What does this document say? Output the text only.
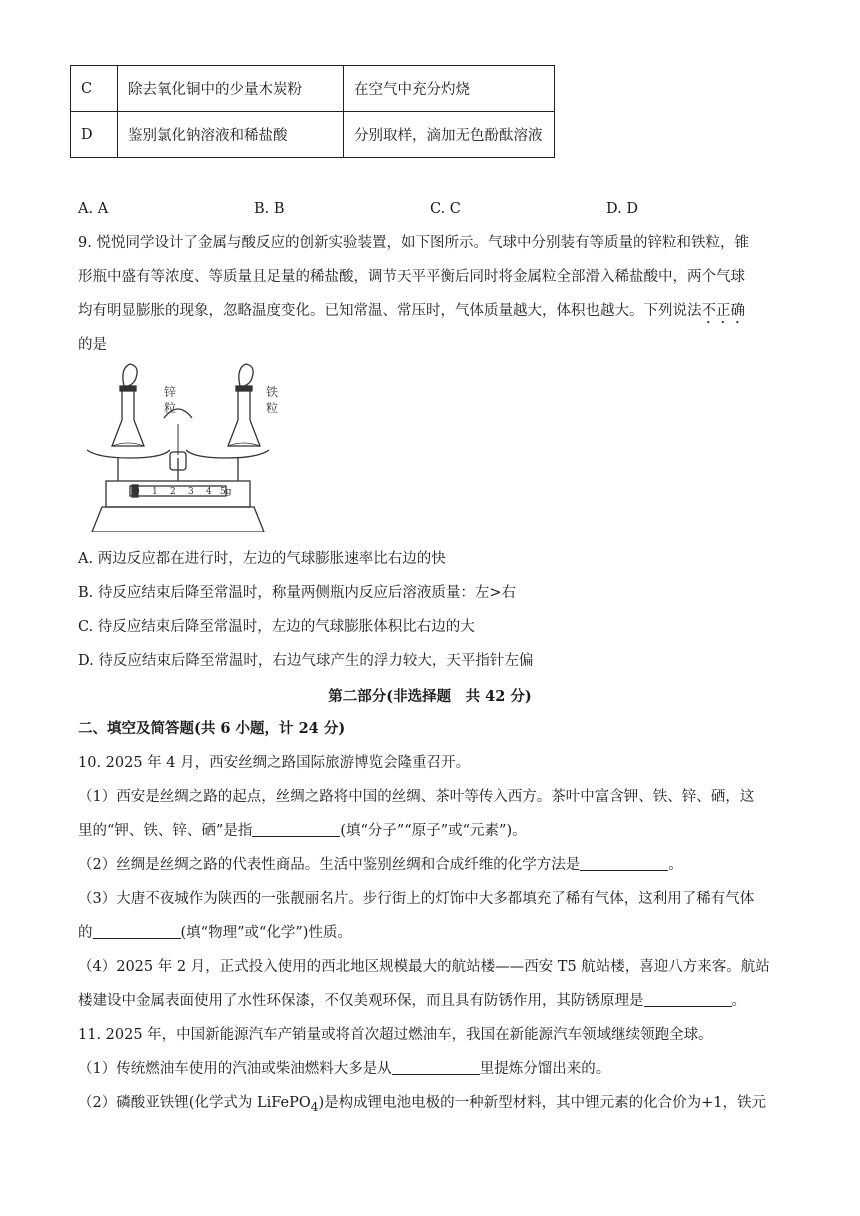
C	除去氧化铜中的少量木炭粉	在空气中充分灼烧
D	鉴别氯化钠溶液和稀盐酸	分别取样，滴加无色酚酞溶液
A. A	B. B	C. C	D. D
9. 悦悦同学设计了金属与酸反应的创新实验装置，如下图所示。气球中分别装有等质量的锌粒和铁粒，锥
形瓶中盛有等浓度、等质量且足量的稀盐酸，调节天平平衡后同时将金属粒全部滑入稀盐酸中，两个气球
均有明显膨胀的现象，忽略温度变化。已知常温、常压时，气体质量越大，体积也越大。下列说法不正确
的是
锌
粒
铁
粒
0 1 2 3 4 5g
A. 两边反应都在进行时，左边的气球膨胀速率比右边的快
B. 待反应结束后降至常温时，称量两侧瓶内反应后溶液质量：左>右
C. 待反应结束后降至常温时，左边的气球膨胀体积比右边的大
D. 待反应结束后降至常温时，右边气球产生的浮力较大，天平指针左偏
第二部分(非选择题　共 42 分)
二、填空及简答题(共 6 小题，计 24 分)
10. 2025 年 4 月，西安丝绸之路国际旅游博览会隆重召开。
（1）西安是丝绸之路的起点，丝绸之路将中国的丝绸、茶叶等传入西方。茶叶中富含钾、铁、锌、硒，这
里的“钾、铁、锌、硒”是指	(填“分子”“原子”或“元素”)。
（2）丝绸是丝绸之路的代表性商品。生活中鉴别丝绸和合成纤维的化学方法是	。
（3）大唐不夜城作为陕西的一张靓丽名片。步行街上的灯饰中大多都填充了稀有气体，这利用了稀有气体
的	(填“物理”或“化学”)性质。
（4）2025 年 2 月，正式投入使用的西北地区规模最大的航站楼——西安 T5 航站楼，喜迎八方来客。航站
楼建设中金属表面使用了水性环保漆，不仅美观环保，而且具有防锈作用，其防锈原理是	。
11. 2025 年，中国新能源汽车产销量或将首次超过燃油车，我国在新能源汽车领域继续领跑全球。
（1）传统燃油车使用的汽油或柴油燃料大多是从	里提炼分馏出来的。
（2）磷酸亚铁锂(化学式为 LiFePO$_4$)是构成锂电池电极的一种新型材料，其中锂元素的化合价为+1，铁元
